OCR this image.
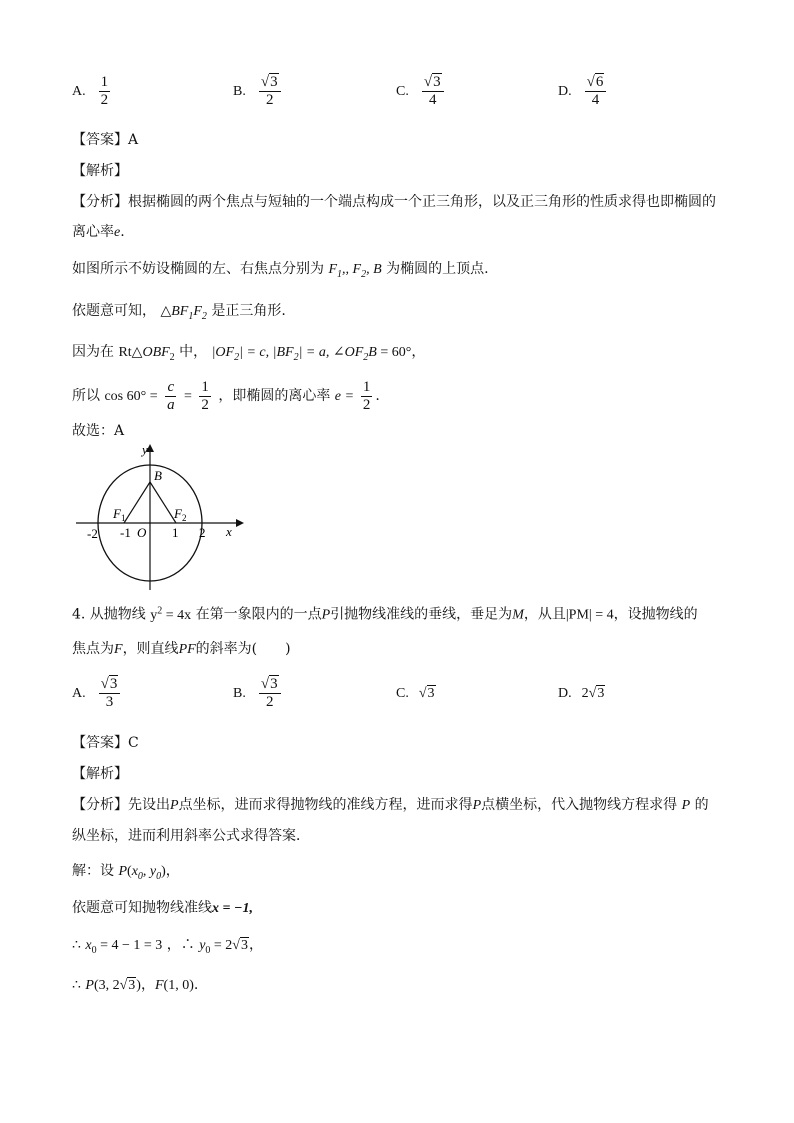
A. $\frac{1}{2}$	B. $\frac{√3}{2}$	C. $\frac{√3}{4}$	D. $\frac{√6}{4}$
【答案】A
【解析】
【分析】根据椭圆的两个焦点与短轴的一个端点构成一个正三角形，以及正三角形的性质求得也即椭圆的
离心率e.
如图所示不妨设椭圆的左、右焦点分别为 $F_1$,, $F_2$, B 为椭圆的上顶点.
依题意可知， $\triangle BF_1F_2$ 是正三角形.
因为在 $Rt\triangle OBF_2$ 中， $|OF_2| = c$, $|BF_2| = a$, $\angle OF_2B = 60^\circ$，
所以 $\cos 60^\circ = \frac{c}{a} = \frac{1}{2}$ ，即椭圆的离心率 $e = \frac{1}{2}$ .
故选：A
y
x
B
$F_1$	$F_2$
O
-2 -1	1 2
4. 从抛物线 $y^2 = 4x$ 在第一象限内的一点P引抛物线准线的垂线，垂足为M，从且|PM| = 4，设抛物线的
焦点为F，则直线PF的斜率为(　　)
A. $\frac{√3}{3}$	B. $\frac{√3}{2}$	C. √3	D. 2√3
【答案】C
【解析】
【分析】先设出P点坐标，进而求得抛物线的准线方程，进而求得P点横坐标，代入抛物线方程求得 P 的
纵坐标，进而利用斜率公式求得答案．
解：设 $P(x_0$, $y_0$)，
依题意可知抛物线准线x = −1,
∴ $x_0 = 4 - 1 = 3$ ，∴ $y_0 = 2√3$，
∴ P(3, 2√3)，F(1, 0).
